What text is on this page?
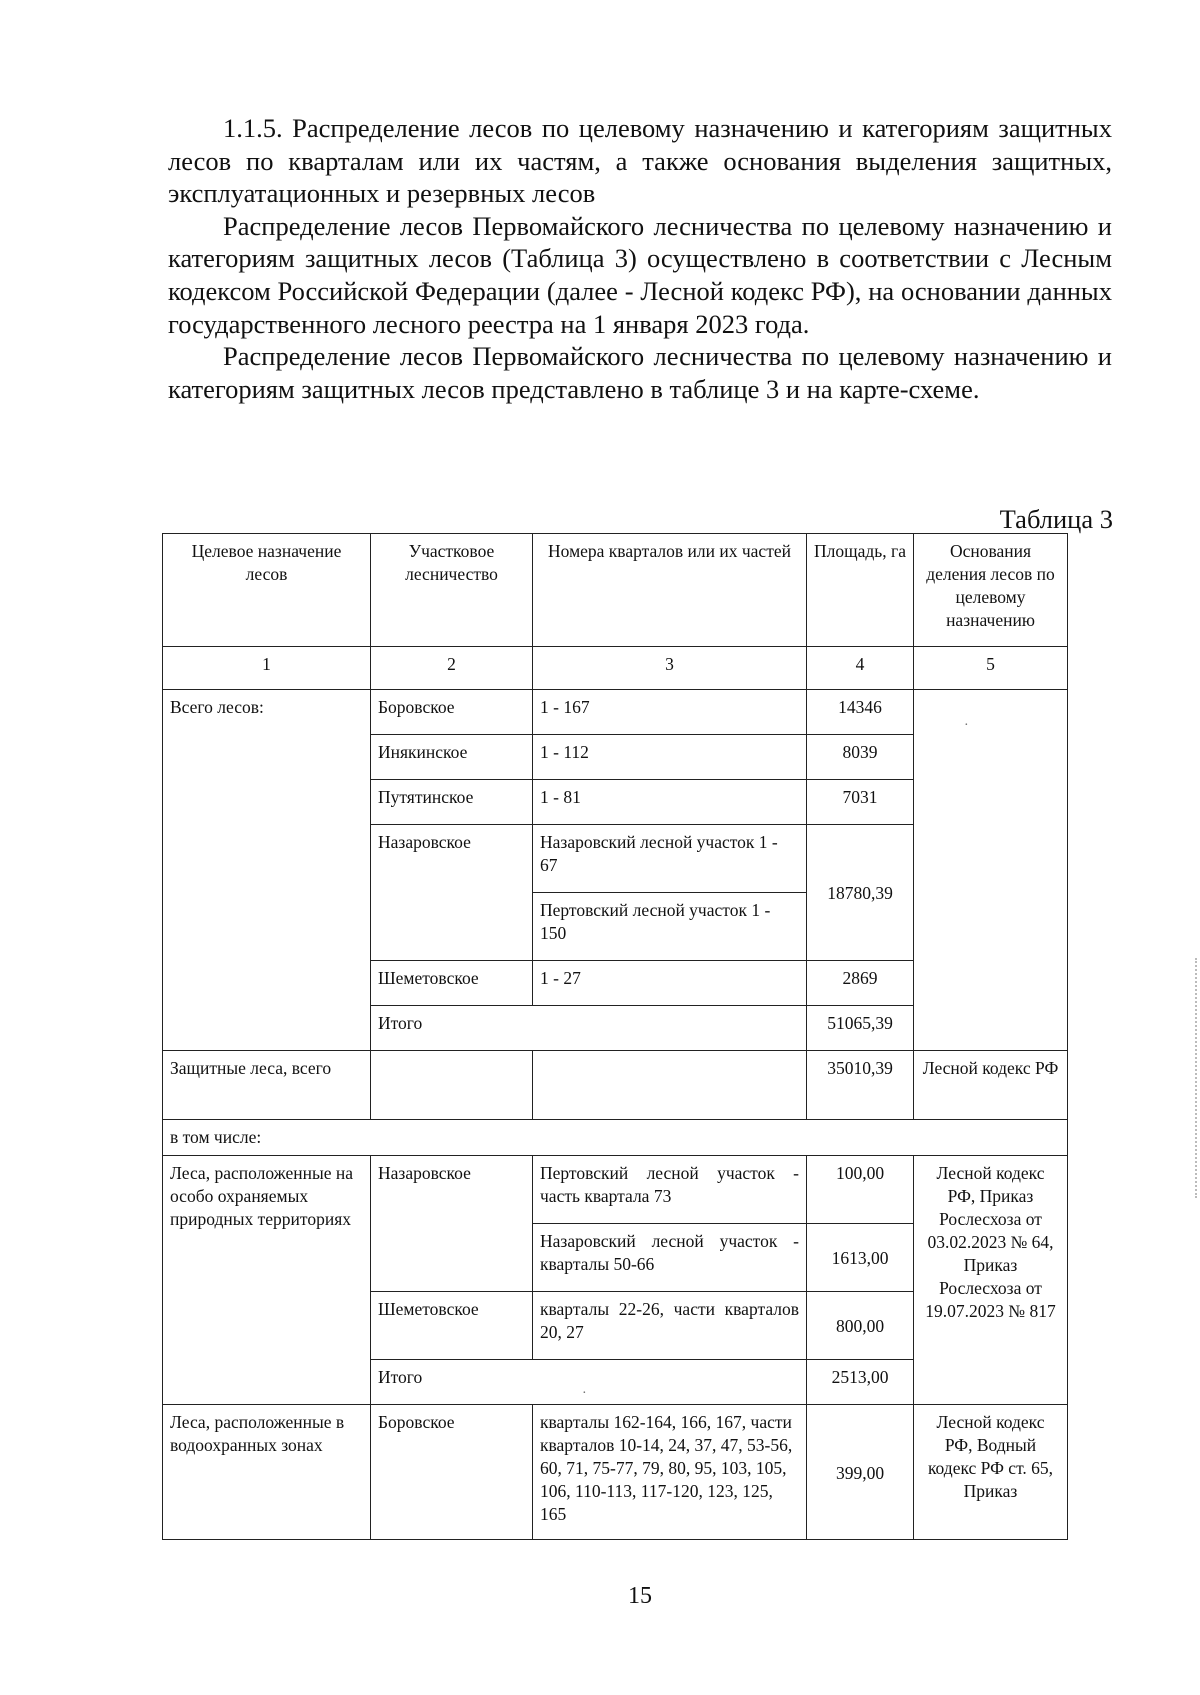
1.1.5. Распределение лесов по целевому назначению и категориям защитных лесов по кварталам или их частям, а также основания выделения защитных, эксплуатационных и резервных лесов

Распределение лесов Первомайского лесничества по целевому назначению и категориям защитных лесов (Таблица 3) осуществлено в соответствии с Лесным кодексом Российской Федерации (далее - Лесной кодекс РФ), на основании данных государственного лесного реестра на 1 января 2023 года.

Распределение лесов Первомайского лесничества по целевому назначению и категориям защитных лесов представлено в таблице 3 и на карте-схеме.

Таблица 3
Целевое назначение лесов	Участковое лесничество	Номера кварталов или их частей	Площадь, га	Основания деления лесов по целевому назначению
1	2	3	4	5
Всего лесов:	Боровское	1 - 167	14346	
	Инякинское	1 - 112	8039	
	Путятинское	1 - 81	7031	
	Назаровское	Назаровский лесной участок 1 - 67	18780,39	
		Пертовский лесной участок 1 - 150		
	Шеметовское	1 - 27	2869	
	Итого		51065,39	
Защитные леса, всего			35010,39	Лесной кодекс РФ
в том числе:				
Леса, расположенные на особо охраняемых природных территориях	Назаровское	Пертовский лесной участок - часть квартала 73	100,00	Лесной кодекс РФ, Приказ Рослесхоза от 03.02.2023 № 64, Приказ Рослесхоза от 19.07.2023 № 817
		Назаровский лесной участок - кварталы 50-66	1613,00	
	Шеметовское	кварталы 22-26, части кварталов 20, 27	800,00	
	Итого		2513,00	
Леса, расположенные в водоохранных зонах	Боровское	кварталы 162-164, 166, 167, части кварталов 10-14, 24, 37, 47, 53-56, 60, 71, 75-77, 79, 80, 95, 103, 105, 106, 110-113, 117-120, 123, 125, 165	399,00	Лесной кодекс РФ, Водный кодекс РФ ст. 65, Приказ
·
·
15
